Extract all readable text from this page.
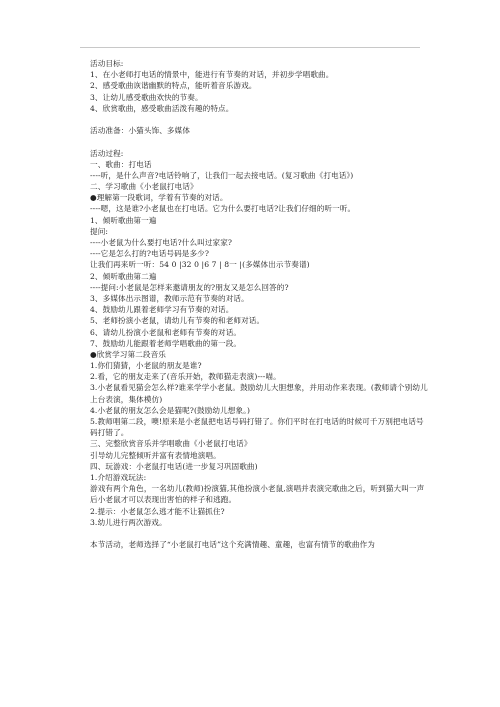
活动目标:
1、在小老师打电话的情景中，能进行有节奏的对话，并初步学唱歌曲。
2、感受歌曲诙谐幽默的特点，能听着音乐游戏。
3、让幼儿感受歌曲欢快的节奏。
4、欣赏歌曲，感受歌曲活泼有趣的特点。
活动准备：小猫头饰、多媒体
活动过程:
一、歌曲：打电话
----听，是什么声音?电话铃响了，让我们一起去接电话。(复习歌曲《打电话》)
二、学习歌曲《小老鼠打电话》
●理解第一段歌词，学着有节奏的对话。
----嗯，这是谁?小老鼠也在打电话。它为什么要打电话?让我们仔细的听一听。
1、倾听歌曲第一遍
提问:
----小老鼠为什么要打电话?什么叫过家家?
----它是怎么打的?电话号码是多少?
让我们再来听一听：54 0 |32 0 |6 7 | 8一 |(多媒体出示节奏谱)
2、倾听歌曲第二遍
----提问:小老鼠是怎样来邀请朋友的?朋友又是怎么回答的?
3、多媒体出示图谱，教师示范有节奏的对话。
4、鼓励幼儿跟着老师学习有节奏的对话。
5、老师扮演小老鼠，请幼儿有节奏的和老师对话。
6、请幼儿扮演小老鼠和老师有节奏的对话。
7、鼓励幼儿能跟着老师学唱歌曲的第一段。
●欣赏学习第二段音乐
1.你们猜猜，小老鼠的朋友是谁?
2.看，它的朋友走来了(音乐开始，教师猫走表演)---喵。
3.小老鼠看见猫会怎么样?谁来学学小老鼠。鼓励幼儿大胆想象，并用动作来表现。(教师请个别幼儿上台表演，集体模仿)
4.小老鼠的朋友怎么会是猫呢?(鼓励幼儿想象。)
5.教师唱第二段，噢!原来是小老鼠把电话号码打错了。你们平时在打电话的时候可千万别把电话号码打错了。
三、完整欣赏音乐并学唱歌曲《小老鼠打电话》
引导幼儿完整倾听并富有表情地演唱。
四、玩游戏：小老鼠打电话(进一步复习巩固歌曲)
1.介绍游戏玩法:
游戏有两个角色，一名幼儿(教师)扮演猫,其他扮演小老鼠,演唱并表演完歌曲之后，听到猫大叫一声后小老鼠才可以表现出害怕的样子和逃跑。
2.提示：小老鼠怎么逃才能不让猫抓住?
3.幼儿进行两次游戏。
本节活动，老师选择了“小老鼠打电话”这个充满情趣、童趣，也富有情节的歌曲作为
